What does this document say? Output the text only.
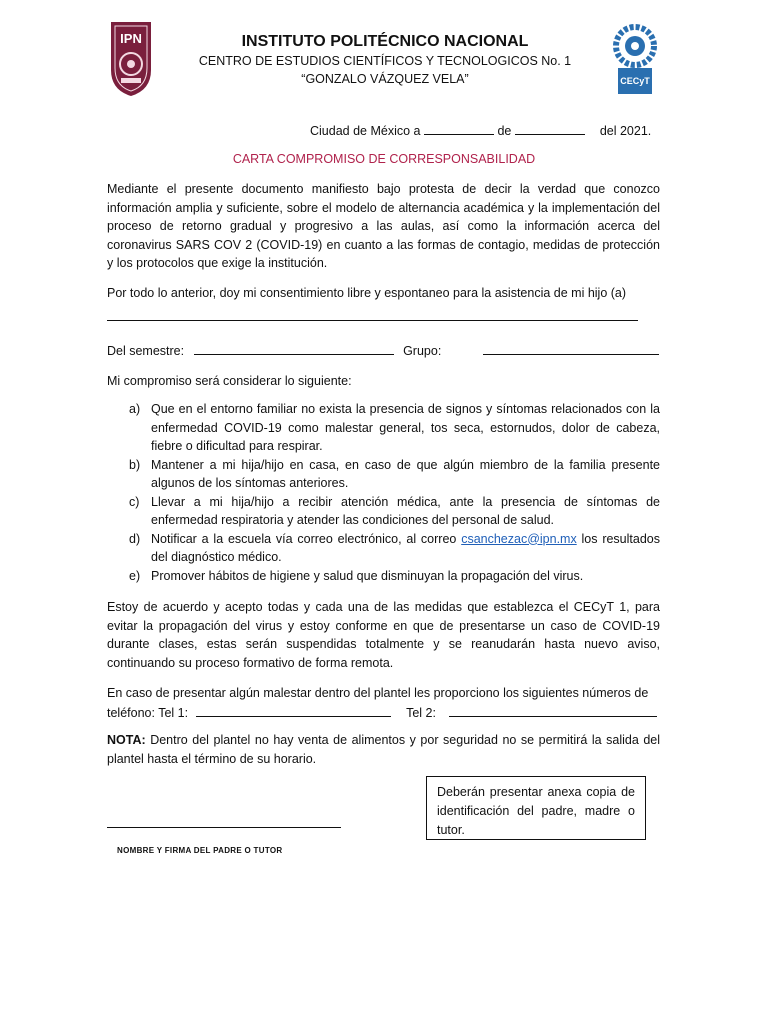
IPN	INSTITUTO POLITÉCNICO NACIONAL
CENTRO DE ESTUDIOS CIENTÍFICOS Y TECNOLOGICOS No. 1
“GONZALO VÁZQUEZ VELA”	CECyT
Ciudad de México a	de	del 2021.
CARTA COMPROMISO DE CORRESPONSABILIDAD
Mediante el presente documento manifiesto bajo protesta de decir la verdad que conozco información amplia y suficiente, sobre el modelo de alternancia académica y la implementación del proceso de retorno gradual y progresivo a las aulas, así como la información acerca del coronavirus SARS COV 2 (COVID-19) en cuanto a las formas de contagio, medidas de protección y los protocolos que exige la institución.
Por todo lo anterior, doy mi consentimiento libre y espontaneo para la asistencia de mi hijo (a)
Del semestre:	Grupo:
Mi compromiso será considerar lo siguiente:
a) Que en el entorno familiar no exista la presencia de signos y síntomas relacionados con la enfermedad COVID-19 como malestar general, tos seca, estornudos, dolor de cabeza, fiebre o dificultad para respirar.
b) Mantener a mi hija/hijo en casa, en caso de que algún miembro de la familia presente algunos de los síntomas anteriores.
c) Llevar a mi hija/hijo a recibir atención médica, ante la presencia de síntomas de enfermedad respiratoria y atender las condiciones del personal de salud.
d) Notificar a la escuela vía correo electrónico, al correo csanchezac@ipn.mx los resultados del diagnóstico médico.
e) Promover hábitos de higiene y salud que disminuyan la propagación del virus.
Estoy de acuerdo y acepto todas y cada una de las medidas que establezca el CECyT 1, para evitar la propagación del virus y estoy conforme en que de presentarse un caso de COVID-19 durante clases, estas serán suspendidas totalmente y se reanudarán hasta nuevo aviso, continuando su proceso formativo de forma remota.
En caso de presentar algún malestar dentro del plantel les proporciono los siguientes números de
teléfono: Tel 1:	Tel 2:
NOTA: Dentro del plantel no hay venta de alimentos y por seguridad no se permitirá la salida del plantel hasta el término de su horario.
Deberán presentar anexa copia de identificación del padre, madre o tutor.
NOMBRE Y FIRMA DEL PADRE O TUTOR
